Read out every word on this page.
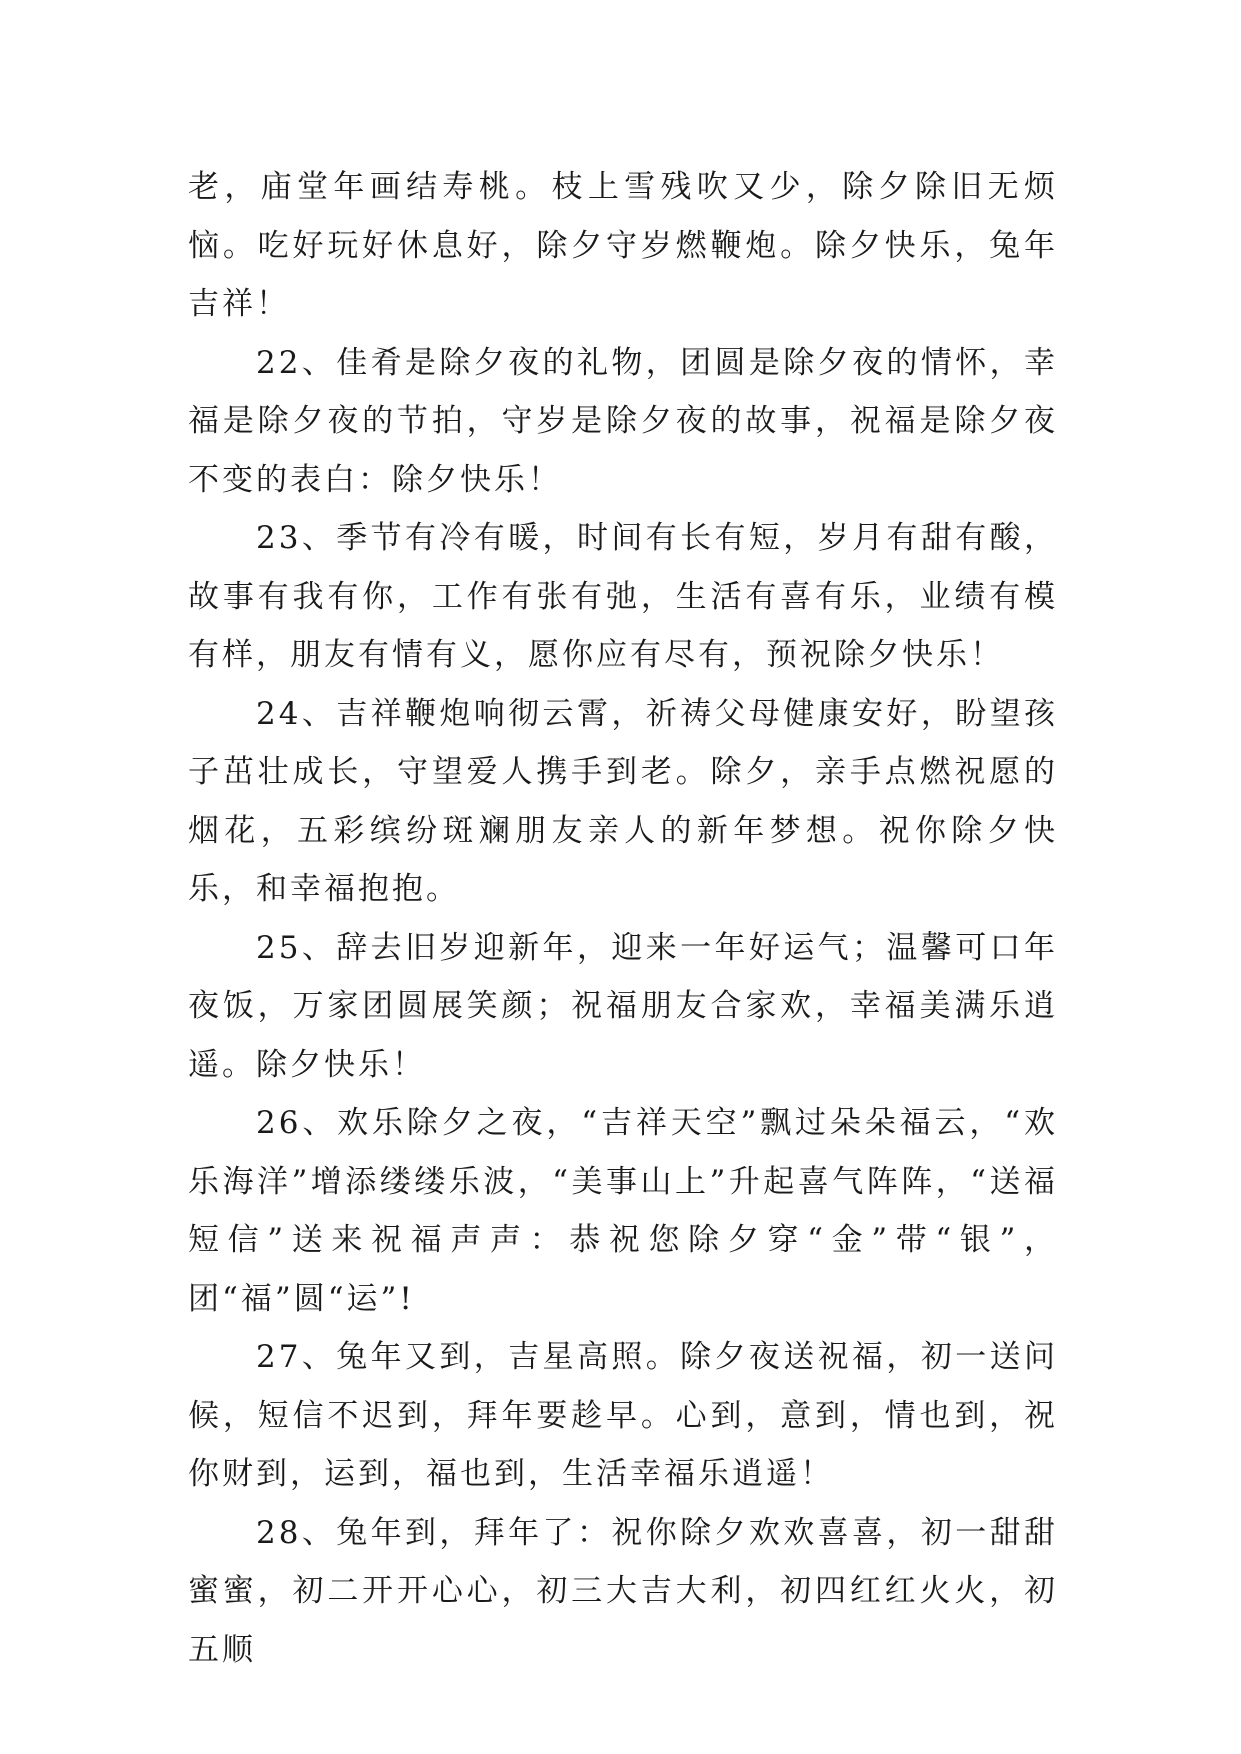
老，庙堂年画结寿桃。枝上雪残吹又少，除夕除旧无烦恼。吃好玩好休息好，除夕守岁燃鞭炮。除夕快乐，兔年吉祥！

22、佳肴是除夕夜的礼物，团圆是除夕夜的情怀，幸福是除夕夜的节拍，守岁是除夕夜的故事，祝福是除夕夜不变的表白：除夕快乐！

23、季节有冷有暖，时间有长有短，岁月有甜有酸，故事有我有你，工作有张有弛，生活有喜有乐，业绩有模有样，朋友有情有义，愿你应有尽有，预祝除夕快乐！

24、吉祥鞭炮响彻云霄，祈祷父母健康安好，盼望孩子茁壮成长，守望爱人携手到老。除夕，亲手点燃祝愿的烟花，五彩缤纷斑斓朋友亲人的新年梦想。祝你除夕快乐，和幸福抱抱。

25、辞去旧岁迎新年，迎来一年好运气；温馨可口年夜饭，万家团圆展笑颜；祝福朋友合家欢，幸福美满乐逍遥。除夕快乐！

26、欢乐除夕之夜，“吉祥天空”飘过朵朵福云，“欢乐海洋”增添缕缕乐波，“美事山上”升起喜气阵阵，“送福短信”送来祝福声声：恭祝您除夕穿“金”带“银”，团“福”圆“运”!

27、兔年又到，吉星高照。除夕夜送祝福，初一送问候，短信不迟到，拜年要趁早。心到，意到，情也到，祝你财到，运到，福也到，生活幸福乐逍遥！

28、兔年到，拜年了：祝你除夕欢欢喜喜，初一甜甜蜜蜜，初二开开心心，初三大吉大利，初四红红火火，初五顺
